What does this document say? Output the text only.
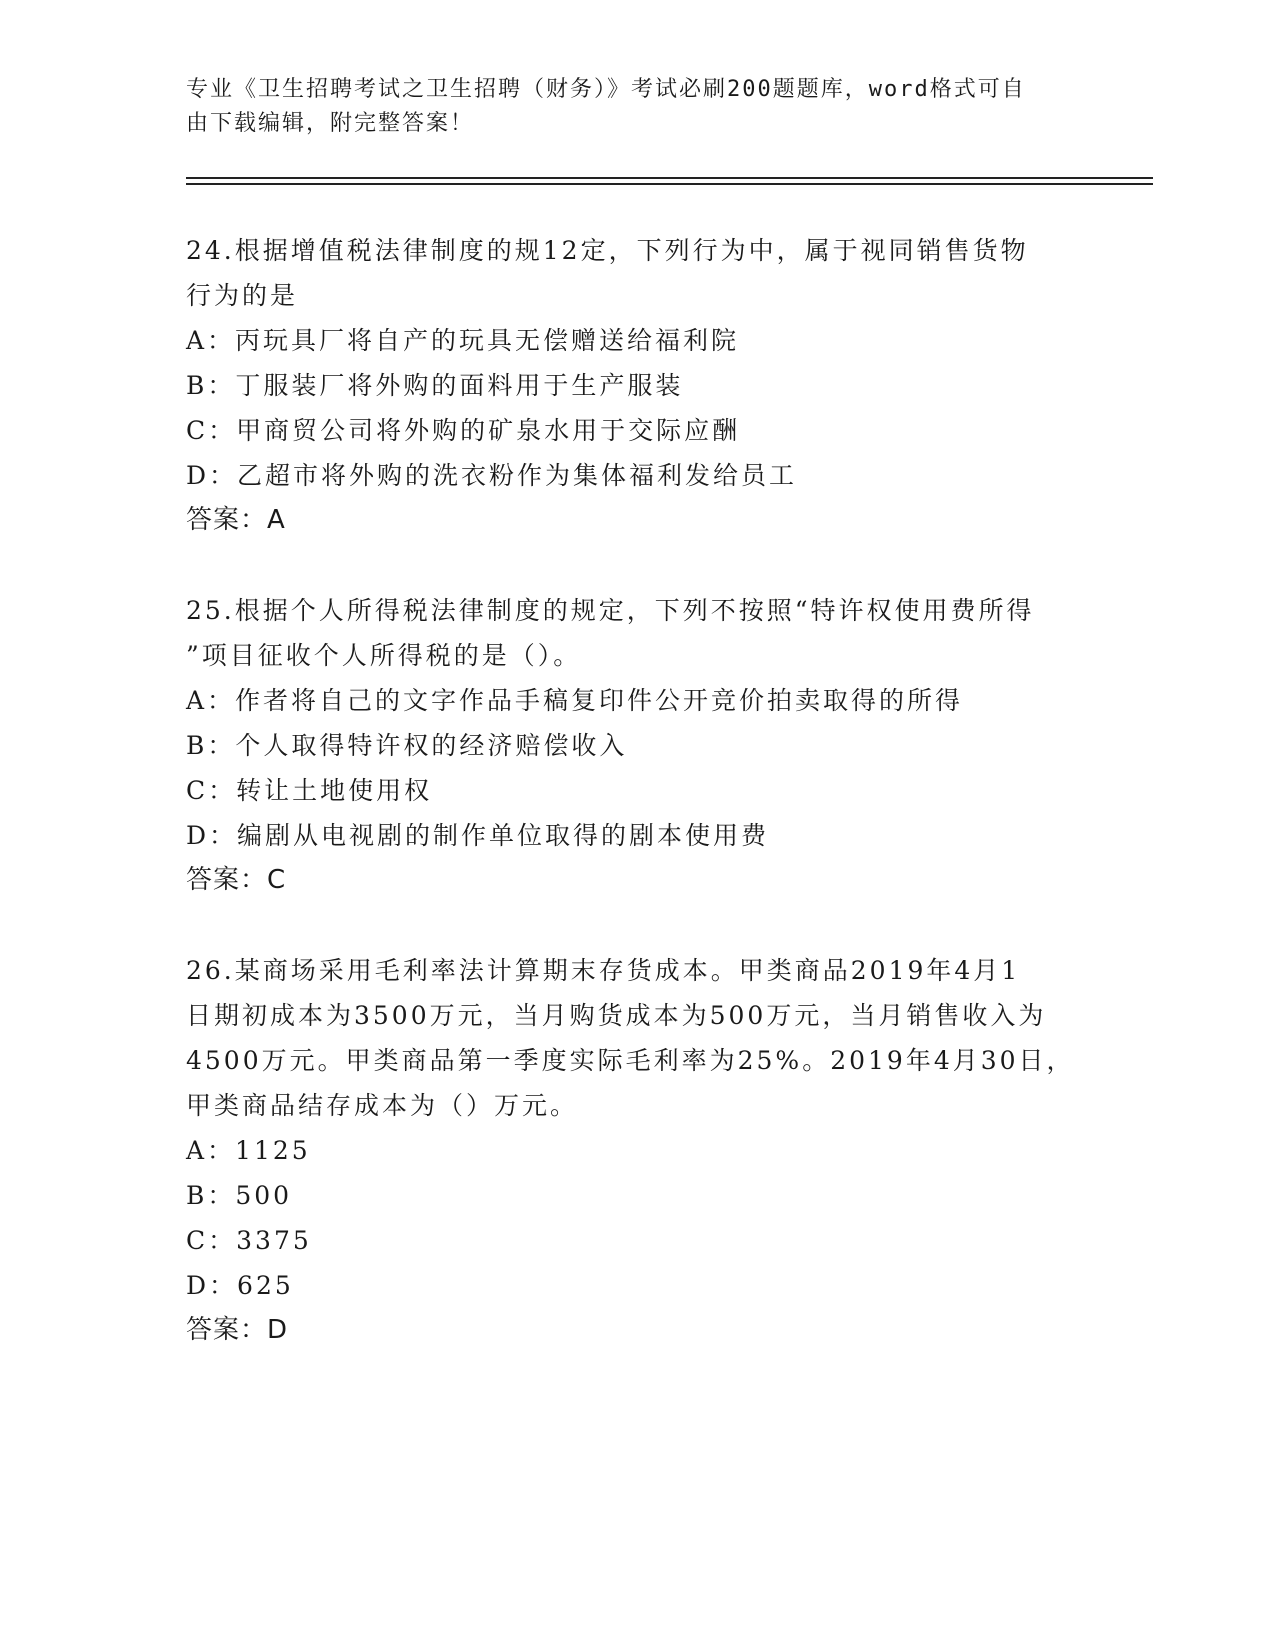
专业《卫生招聘考试之卫生招聘（财务）》考试必刷200题题库，word格式可自
由下载编辑，附完整答案！
24.根据增值税法律制度的规12定，下列行为中，属于视同销售货物
行为的是
A：丙玩具厂将自产的玩具无偿赠送给福利院
B：丁服装厂将外购的面料用于生产服装
C：甲商贸公司将外购的矿泉水用于交际应酬
D：乙超市将外购的洗衣粉作为集体福利发给员工
答案：A
25.根据个人所得税法律制度的规定，下列不按照“特许权使用费所得
”项目征收个人所得税的是（）。
A：作者将自己的文字作品手稿复印件公开竞价拍卖取得的所得
B：个人取得特许权的经济赔偿收入
C：转让土地使用权
D：编剧从电视剧的制作单位取得的剧本使用费
答案：C
26.某商场采用毛利率法计算期末存货成本。甲类商品2019年4月1
日期初成本为3500万元，当月购货成本为500万元，当月销售收入为
4500万元。甲类商品第一季度实际毛利率为25%。2019年4月30日，
甲类商品结存成本为（）万元。
A：1125
B：500
C：3375
D：625
答案：D
